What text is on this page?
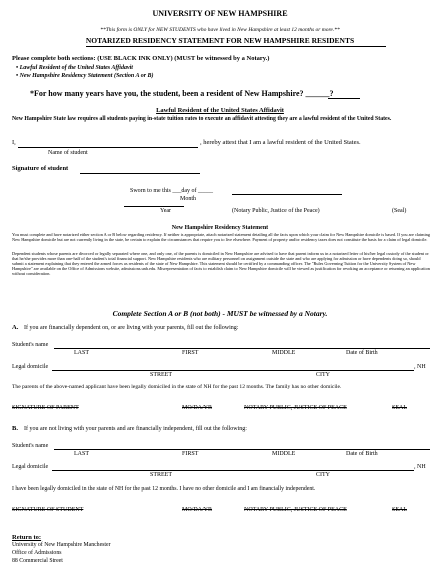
UNIVERSITY OF NEW HAMPSHIRE
**This form is ONLY for NEW STUDENTS who have lived in New Hampshire at least 12 months or more.**
NOTARIZED RESIDENCY STATEMENT FOR NEW HAMPSHIRE RESIDENTS
Please complete both sections: (USE BLACK INK ONLY) (MUST be witnessed by a Notary.)
• Lawful Resident of the United States Affidavit
• New Hampshire Residency Statement (Section A or B)
*For how many years have you, the student, been a resident of New Hampshire? ______?
Lawful Resident of the United States Affidavit
New Hampshire State law requires all students paying in-state tuition rates to execute an affidavit attesting they are a lawful resident of the United States.
I,	, hereby attest that I am a lawful resident of the United States.
Name of student
Signature of student
Sworn to me this ___day of _____
Month
Year	(Notary Public, Justice of the Peace)	(Seal)
New Hampshire Residency Statement
You must complete and have notarized either section A or B below regarding residency. If neither is appropriate, attach notarized statement detailing all the facts upon which your claim for New Hampshire domicile is based. If you are claiming New Hampshire domicile but are not currently living in the state, be certain to explain the circumstances that require you to live elsewhere. Payment of property and/or residency taxes does not constitute the basis for a claim of legal domicile.
Dependent students whose parents are divorced or legally separated where one, and only one, of the parents is domiciled in New Hampshire are advised to have that parent inform us in a notarized letter of his/her legal custody of the student or that he/she provides more than one-half of the student's total financial support. New Hampshire residents who are military personnel on assignment outside the state and who are applying for admission or have dependents doing so, should submit a statement explaining that they entered the armed forces as residents of the state of New Hampshire. This statement should be certified by a commanding officer. The "Rules Governing Tuition for the University System of New Hampshire" are available on the Office of Admissions website, admissions.unh.edu. Misrepresentation of facts to establish claim to New Hampshire domicile will be viewed as justification for revoking an acceptance or returning an application without consideration.
Complete Section A or B (not both) - MUST be witnessed by a Notary.
A. If you are financially dependent on, or are living with your parents, fill out the following:
Student's name
LAST	FIRST	MIDDLE	Date of Birth
Legal domicile	, NH
STREET	CITY
The parents of the above-named applicant have been legally domiciled in the state of NH for the past 12 months. The family has no other domicile.
SIGNATURE OF PARENT	MO/DA/YR	NOTARY PUBLIC, JUSTICE OF PEACE	SEAL
B. If you are not living with your parents and are financially independent, fill out the following:
Student's name
LAST	FIRST	MIDDLE	Date of Birth
Legal domicile	, NH
STREET	CITY
I have been legally domiciled in the state of NH for the past 12 months. I have no other domicile and I am financially independent.
SIGNATURE OF STUDENT	MO/DA/YR	NOTARY PUBLIC, JUSTICE OF PEACE	SEAL
Return to:
University of New Hampshire Manchester
Office of Admissions
88 Commercial Street
